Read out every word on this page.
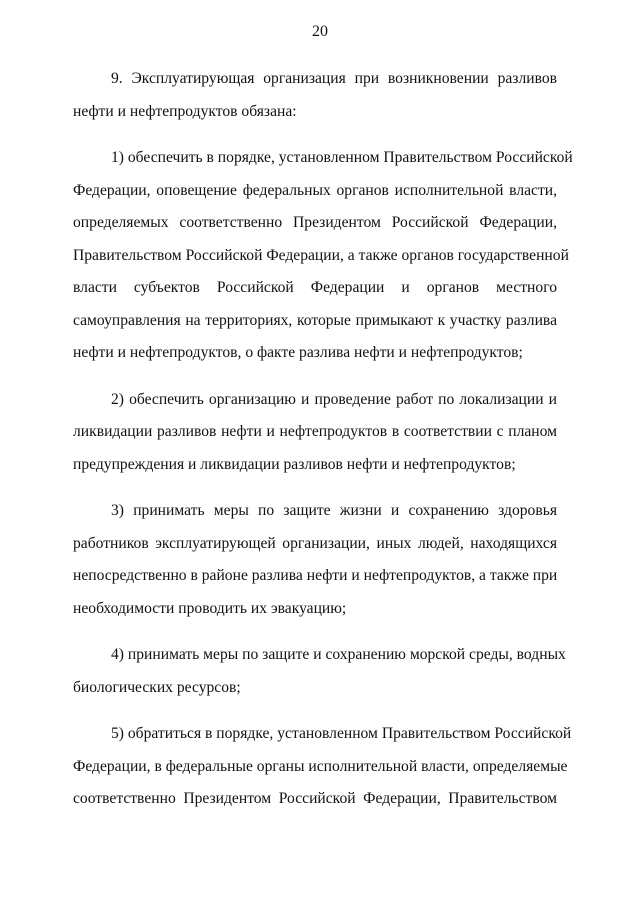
20
9. Эксплуатирующая организация при возникновении разливов
нефти и нефтепродуктов обязана:
1) обеспечить в порядке, установленном Правительством Российской
Федерации, оповещение федеральных органов исполнительной власти,
определяемых соответственно Президентом Российской Федерации,
Правительством Российской Федерации, а также органов государственной
власти субъектов Российской Федерации и органов местного
самоуправления на территориях, которые примыкают к участку разлива
нефти и нефтепродуктов, о факте разлива нефти и нефтепродуктов;
2) обеспечить организацию и проведение работ по локализации и
ликвидации разливов нефти и нефтепродуктов в соответствии с планом
предупреждения и ликвидации разливов нефти и нефтепродуктов;
3) принимать меры по защите жизни и сохранению здоровья
работников эксплуатирующей организации, иных людей, находящихся
непосредственно в районе разлива нефти и нефтепродуктов, а также при
необходимости проводить их эвакуацию;
4) принимать меры по защите и сохранению морской среды, водных
биологических ресурсов;
5) обратиться в порядке, установленном Правительством Российской
Федерации, в федеральные органы исполнительной власти, определяемые
соответственно Президентом Российской Федерации, Правительством
